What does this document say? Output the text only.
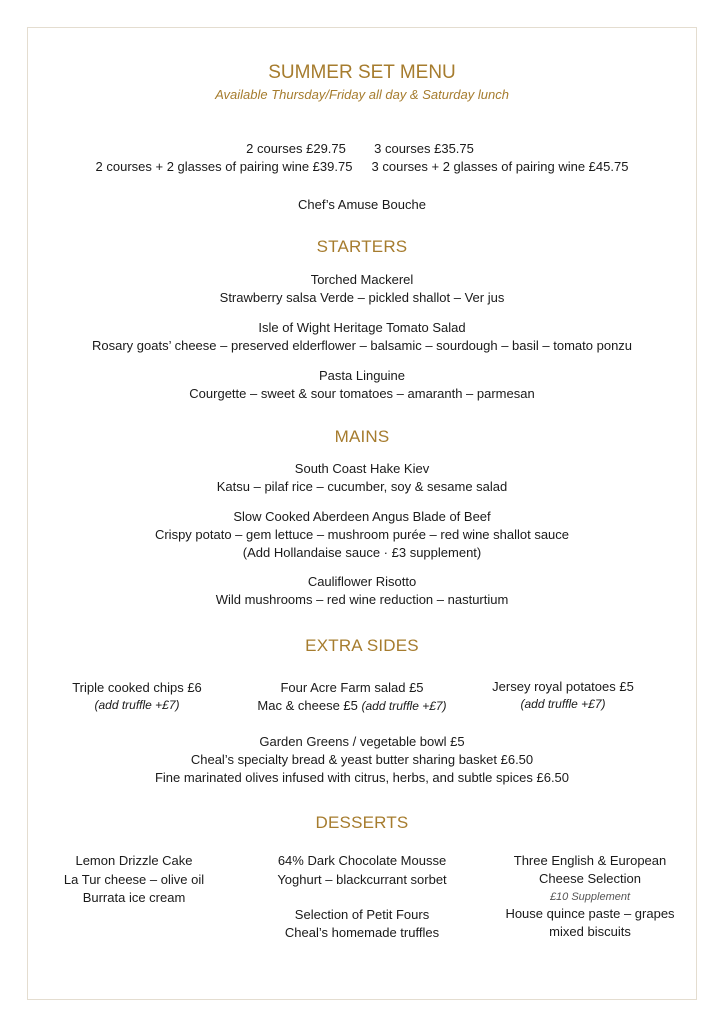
SUMMER SET MENU
Available Thursday/Friday all day & Saturday lunch
2 courses £29.75 3 courses £35.75
2 courses + 2 glasses of pairing wine £39.75 3 courses + 2 glasses of pairing wine £45.75
Chef’s Amuse Bouche
STARTERS
Torched Mackerel
Strawberry salsa Verde – pickled shallot – Ver jus
Isle of Wight Heritage Tomato Salad
Rosary goats’ cheese – preserved elderflower – balsamic – sourdough – basil – tomato ponzu
Pasta Linguine
Courgette – sweet & sour tomatoes – amaranth – parmesan
MAINS
South Coast Hake Kiev
Katsu – pilaf rice – cucumber, soy & sesame salad
Slow Cooked Aberdeen Angus Blade of Beef
Crispy potato – gem lettuce – mushroom purée – red wine shallot sauce
(Add Hollandaise sauce · £3 supplement)
Cauliflower Risotto
Wild mushrooms – red wine reduction – nasturtium
EXTRA SIDES
Triple cooked chips £6
(add truffle +£7)
Four Acre Farm salad £5
Mac & cheese £5 (add truffle +£7)
Jersey royal potatoes £5
(add truffle +£7)
Garden Greens / vegetable bowl £5
Cheal’s specialty bread & yeast butter sharing basket £6.50
Fine marinated olives infused with citrus, herbs, and subtle spices £6.50
DESSERTS
Lemon Drizzle Cake
La Tur cheese – olive oil
Burrata ice cream
64% Dark Chocolate Mousse
Yoghurt – blackcurrant sorbet
Selection of Petit Fours
Cheal’s homemade truffles
Three English & European
Cheese Selection
£10 Supplement
House quince paste – grapes
mixed biscuits
